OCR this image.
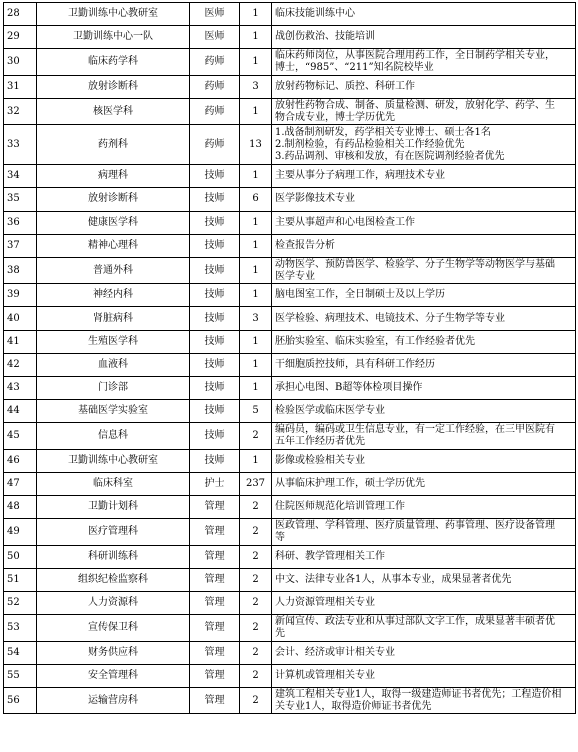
28	卫勤训练中心教研室	医师	1	临床技能训练中心
29	卫勤训练中心一队	医师	1	战创伤救治、技能培训
30	临床药学科	药师	1	临床药师岗位，从事医院合理用药工作，全日制药学相关专业，
博士，“985”、“211”知名院校毕业
31	放射诊断科	药师	3	放射药物标记、质控、科研工作
32	核医学科	药师	1	放射性药物合成、制备、质量检测、研发，放射化学、药学、生
物合成专业，博士学历优先
33	药剂科	药师	13	1.战备制剂研发，药学相关专业博士、硕士各1名
2.制剂检验，有药品检验相关工作经验优先
3.药品调剂、审核和发放，有在医院调剂经验者优先
34	病理科	技师	1	主要从事分子病理工作，病理技术专业
35	放射诊断科	技师	6	医学影像技术专业
36	健康医学科	技师	1	主要从事超声和心电图检查工作
37	精神心理科	技师	1	检查报告分析
38	普通外科	技师	1	动物医学、预防兽医学、检验学、分子生物学等动物医学与基础
医学专业
39	神经内科	技师	1	脑电图室工作，全日制硕士及以上学历
40	肾脏病科	技师	3	医学检验、病理技术、电镜技术、分子生物学等专业
41	生殖医学科	技师	1	胚胎实验室、临床实验室，有工作经验者优先
42	血液科	技师	1	干细胞质控技师，具有科研工作经历
43	门诊部	技师	1	承担心电图、B超等体检项目操作
44	基础医学实验室	技师	5	检验医学或临床医学专业
45	信息科	技师	2	编码员，编码或卫生信息专业，有一定工作经验，在三甲医院有
五年工作经历者优先
46	卫勤训练中心教研室	技师	1	影像或检验相关专业
47	临床科室	护士	237	从事临床护理工作，硕士学历优先
48	卫勤计划科	管理	2	住院医师规范化培训管理工作
49	医疗管理科	管理	2	医政管理、学科管理、医疗质量管理、药事管理、医疗设备管理
等
50	科研训练科	管理	2	科研、教学管理相关工作
51	组织纪检监察科	管理	2	中文、法律专业各1人，从事本专业，成果显著者优先
52	人力资源科	管理	2	人力资源管理相关专业
53	宣传保卫科	管理	2	新闻宣传、政法专业和从事过部队文字工作，成果显著丰硕者优
先
54	财务供应科	管理	2	会计、经济或审计相关专业
55	安全管理科	管理	2	计算机或管理相关专业
56	运输营房科	管理	2	建筑工程相关专业1人，取得一级建造师证书者优先；工程造价相
关专业1人，取得造价师证书者优先
